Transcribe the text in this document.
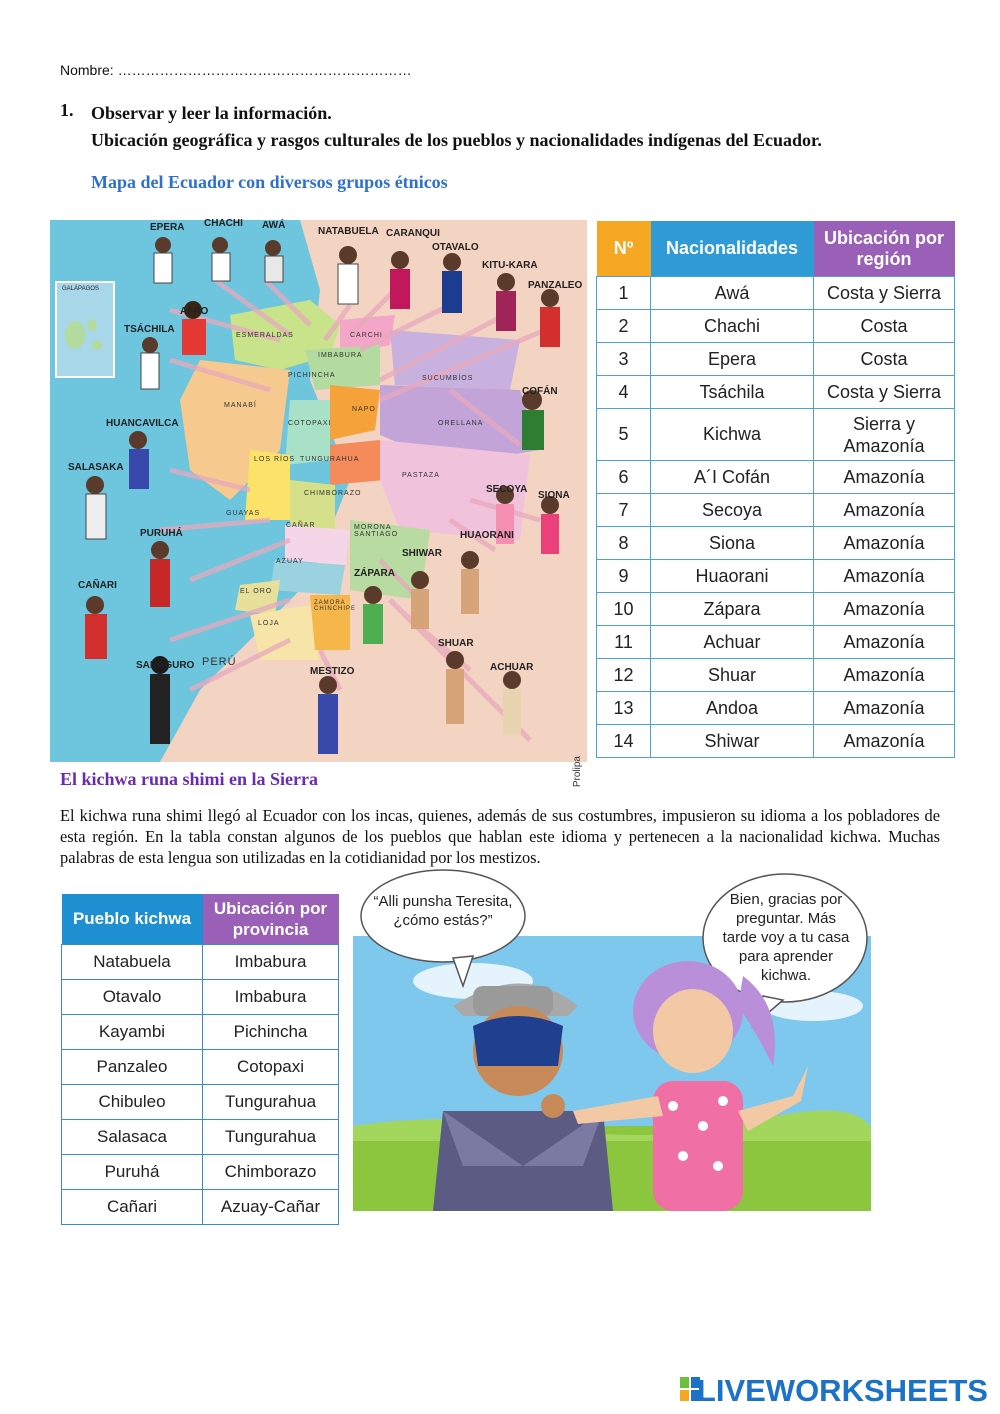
Nombre: ………………………………………………………
1. Observar y leer la información.
Ubicación geográfica y rasgos culturales de los pueblos y nacionalidades indígenas del Ecuador.
Mapa del Ecuador con diversos grupos étnicos
GALÁPAGOS
EPERA CHACHI AWÁ
NATABUELA CARANQUI
OTAVALO
KITU-KARA
PANZALEO
AFRO
TSÁCHILA
COFÁN
HUANCAVILCA
SALASAKA
SECOYA
SIONA
PURUHÁ	HUAORANI
SHIWAR
ZÁPARA
CAÑARI
SARAGURO
MESTIZO
SHUAR
ACHUAR
ESMERALDAS	CARCHI
IMBABURA
PICHINCHA	SUCUMBÍOS
MANABÍ
NAPO
ORELLANA
COTOPAXI
LOS RÍOS TUNGURAHUA
PASTAZA
GUAYAS
CHIMBORAZO
CAÑAR	MORONA SANTIAGO
AZUAY
EL ORO
LOJA
ZAMORA CHINCHIPE
PERÚ
Prolipa
Nº	Nacionalidades	Ubicación por región
1	Awá	Costa y Sierra
2	Chachi	Costa
3	Epera	Costa
4	Tsáchila	Costa y Sierra
5	Kichwa	Sierra y Amazonía
6	A´I Cofán	Amazonía
7	Secoya	Amazonía
8	Siona	Amazonía
9	Huaorani	Amazonía
10	Zápara	Amazonía
11	Achuar	Amazonía
12	Shuar	Amazonía
13	Andoa	Amazonía
14	Shiwar	Amazonía
El kichwa runa shimi en la Sierra
El kichwa runa shimi llegó al Ecuador con los incas, quienes, además de sus costumbres, impusieron su idioma a los pobladores de esta región. En la tabla constan algunos de los pueblos que hablan este idioma y pertenecen a la nacionalidad kichwa. Muchas palabras de esta lengua son utilizadas en la cotidianidad por los mestizos.
Pueblo kichwa	Ubicación por provincia
Natabuela	Imbabura
Otavalo	Imbabura
Kayambi	Pichincha
Panzaleo	Cotopaxi
Chibuleo	Tungurahua
Salasaca	Tungurahua
Puruhá	Chimborazo
Cañari	Azuay-Cañar
“Alli punsha Teresita, ¿cómo estás?”
Bien, gracias por preguntar. Más tarde voy a tu casa para aprender kichwa.
LIVEWORKSHEETS
